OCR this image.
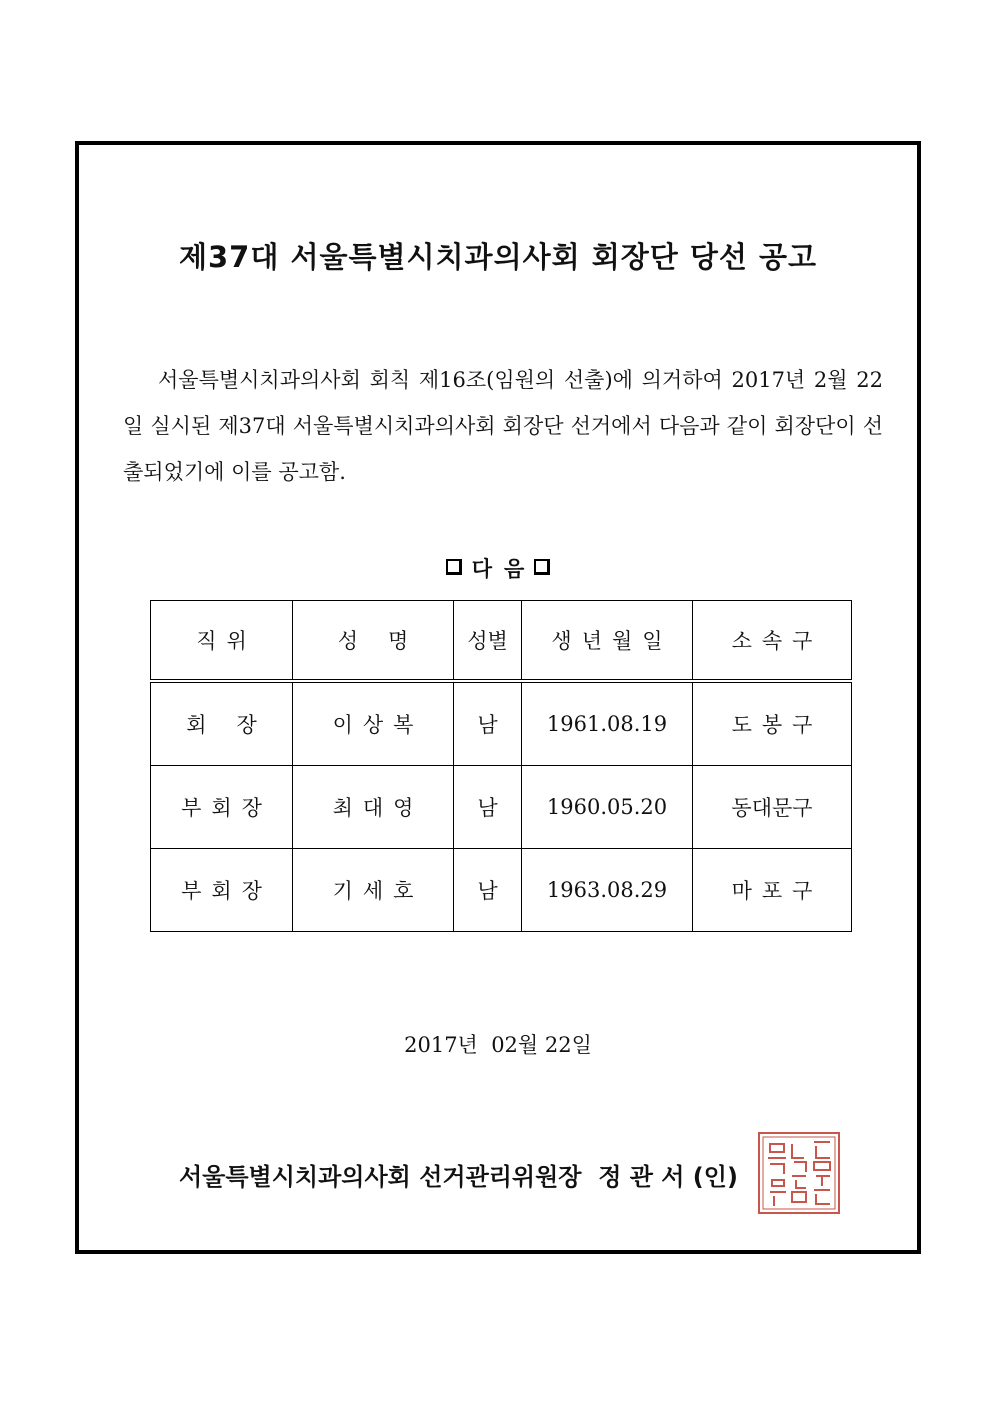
제37대 서울특별시치과의사회 회장단 당선 공고
서울특별시치과의사회 회칙 제16조(임원의 선출)에 의거하여 2017년 2월 22일 실시된 제37대 서울특별시치과의사회 회장단 선거에서 다음과 같이 회장단이 선출되었기에 이를 공고함.
다음
직위	성명	성별	생년월일	소속구
회장	이상복	남	1961.08.19	도봉구
부회장	최대영	남	1960.05.20	동대문구
부회장	기세호	남	1963.08.29	마포구
2017년  02월 22일
서울특별시치과의사회 선거관리위원장  정 관 서 (인)
